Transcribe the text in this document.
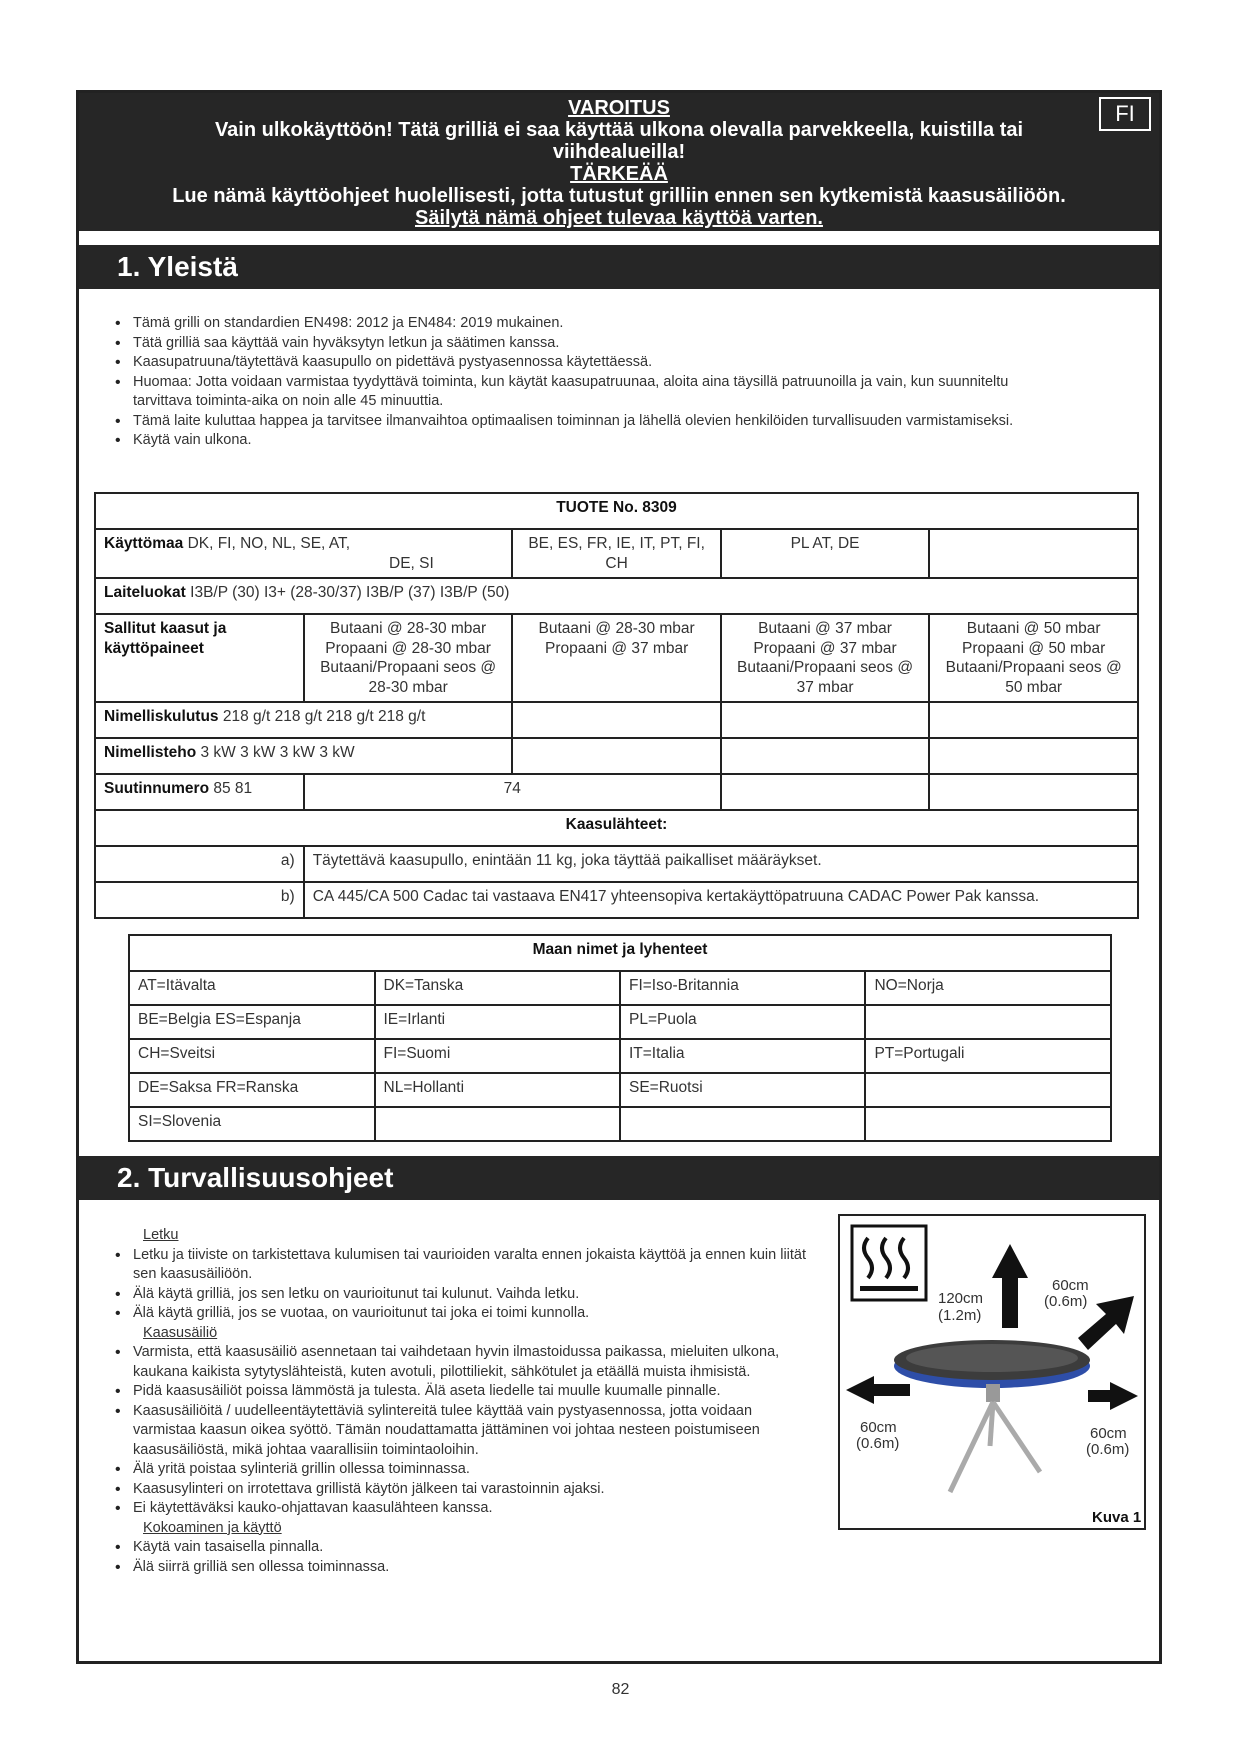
VAROITUS
Vain ulkokäyttöön! Tätä grilliä ei saa käyttää ulkona olevalla parvekkeella, kuistilla tai
viihdealueilla!
TÄRKEÄÄ
Lue nämä käyttöohjeet huolellisesti, jotta tutustut grilliin ennen sen kytkemistä kaasusäiliöön.
Säilytä nämä ohjeet tulevaa käyttöä varten.
FI
1. Yleistä
• Tämä grilli on standardien EN498: 2012 ja EN484: 2019 mukainen.
• Tätä grilliä saa käyttää vain hyväksytyn letkun ja säätimen kanssa.
• Kaasupatruuna/täytettävä kaasupullo on pidettävä pystyasennossa käytettäessä.
• Huomaa: Jotta voidaan varmistaa tyydyttävä toiminta, kun käytät kaasupatruunaa, aloita aina täysillä patruunoilla ja vain, kun suunniteltu tarvittava toiminta-aika on noin alle 45 minuuttia.
• Tämä laite kuluttaa happea ja tarvitsee ilmanvaihtoa optimaalisen toiminnan ja lähellä olevien henkilöiden turvallisuuden varmistamiseksi.
• Käytä vain ulkona.
TUOTE No. 8309				
Käyttömaa DK, FI, NO, NL, SE, AT,
DE, SI		BE, ES, FR, IE, IT, PT, FI, CH	PL AT, DE	
Laiteluokat I3B/P (30) I3+ (28-30/37) I3B/P (37) I3B/P (50)				
Sallitut kaasut ja käyttöpaineet	Butaani @ 28-30 mbar Propaani @ 28-30 mbar Butaani/Propaani seos @ 28-30 mbar	Butaani @ 28-30 mbar Propaani @ 37 mbar	Butaani @ 37 mbar Propaani @ 37 mbar Butaani/Propaani seos @ 37 mbar	Butaani @ 50 mbar Propaani @ 50 mbar Butaani/Propaani seos @ 50 mbar
Nimelliskulutus 218 g/t 218 g/t 218 g/t 218 g/t				
Nimellisteho 3 kW 3 kW 3 kW 3 kW				
Suutinnumero 85 81	74			
Kaasulähteet:				
a)	Täytettävä kaasupullo, enintään 11 kg, joka täyttää paikalliset määräykset.			
b)	CA 445/CA 500 Cadac tai vastaava EN417 yhteensopiva kertakäyttöpatruuna CADAC Power Pak kanssa.			
Maan nimet ja lyhenteet			
AT=Itävalta	DK=Tanska	FI=Iso-Britannia	NO=Norja
BE=Belgia ES=Espanja	IE=Irlanti	PL=Puola	
CH=Sveitsi	FI=Suomi	IT=Italia	PT=Portugali
DE=Saksa FR=Ranska	NL=Hollanti	SE=Ruotsi	
SI=Slovenia			
2. Turvallisuusohjeet
Letku
• Letku ja tiiviste on tarkistettava kulumisen tai vaurioiden varalta ennen jokaista käyttöä ja ennen kuin liität sen kaasusäiliöön.
• Älä käytä grilliä, jos sen letku on vaurioitunut tai kulunut. Vaihda letku.
• Älä käytä grilliä, jos se vuotaa, on vaurioitunut tai joka ei toimi kunnolla.
Kaasusäiliö
• Varmista, että kaasusäiliö asennetaan tai vaihdetaan hyvin ilmastoidussa paikassa, mieluiten ulkona, kaukana kaikista sytytyslähteistä, kuten avotuli, pilottiliekit, sähkötulet ja etäällä muista ihmisistä.
• Pidä kaasusäiliöt poissa lämmöstä ja tulesta. Älä aseta liedelle tai muulle kuumalle pinnalle.
• Kaasusäiliöitä / uudelleentäytettäviä sylintereitä tulee käyttää vain pystyasennossa, jotta voidaan varmistaa kaasun oikea syöttö. Tämän noudattamatta jättäminen voi johtaa nesteen poistumiseen kaasusäiliöstä, mikä johtaa vaarallisiin toimintaoloihin.
• Älä yritä poistaa sylinteriä grillin ollessa toiminnassa.
• Kaasusylinteri on irrotettava grillistä käytön jälkeen tai varastoinnin ajaksi.
• Ei käytettäväksi kauko-ohjattavan kaasulähteen kanssa.
Kokoaminen ja käyttö
• Käytä vain tasaisella pinnalla.
• Älä siirrä grilliä sen ollessa toiminnassa.
120cm
(1.2m)
60cm
(0.6m)
60cm
(0.6m)
60cm
(0.6m)
Kuva 1
82
